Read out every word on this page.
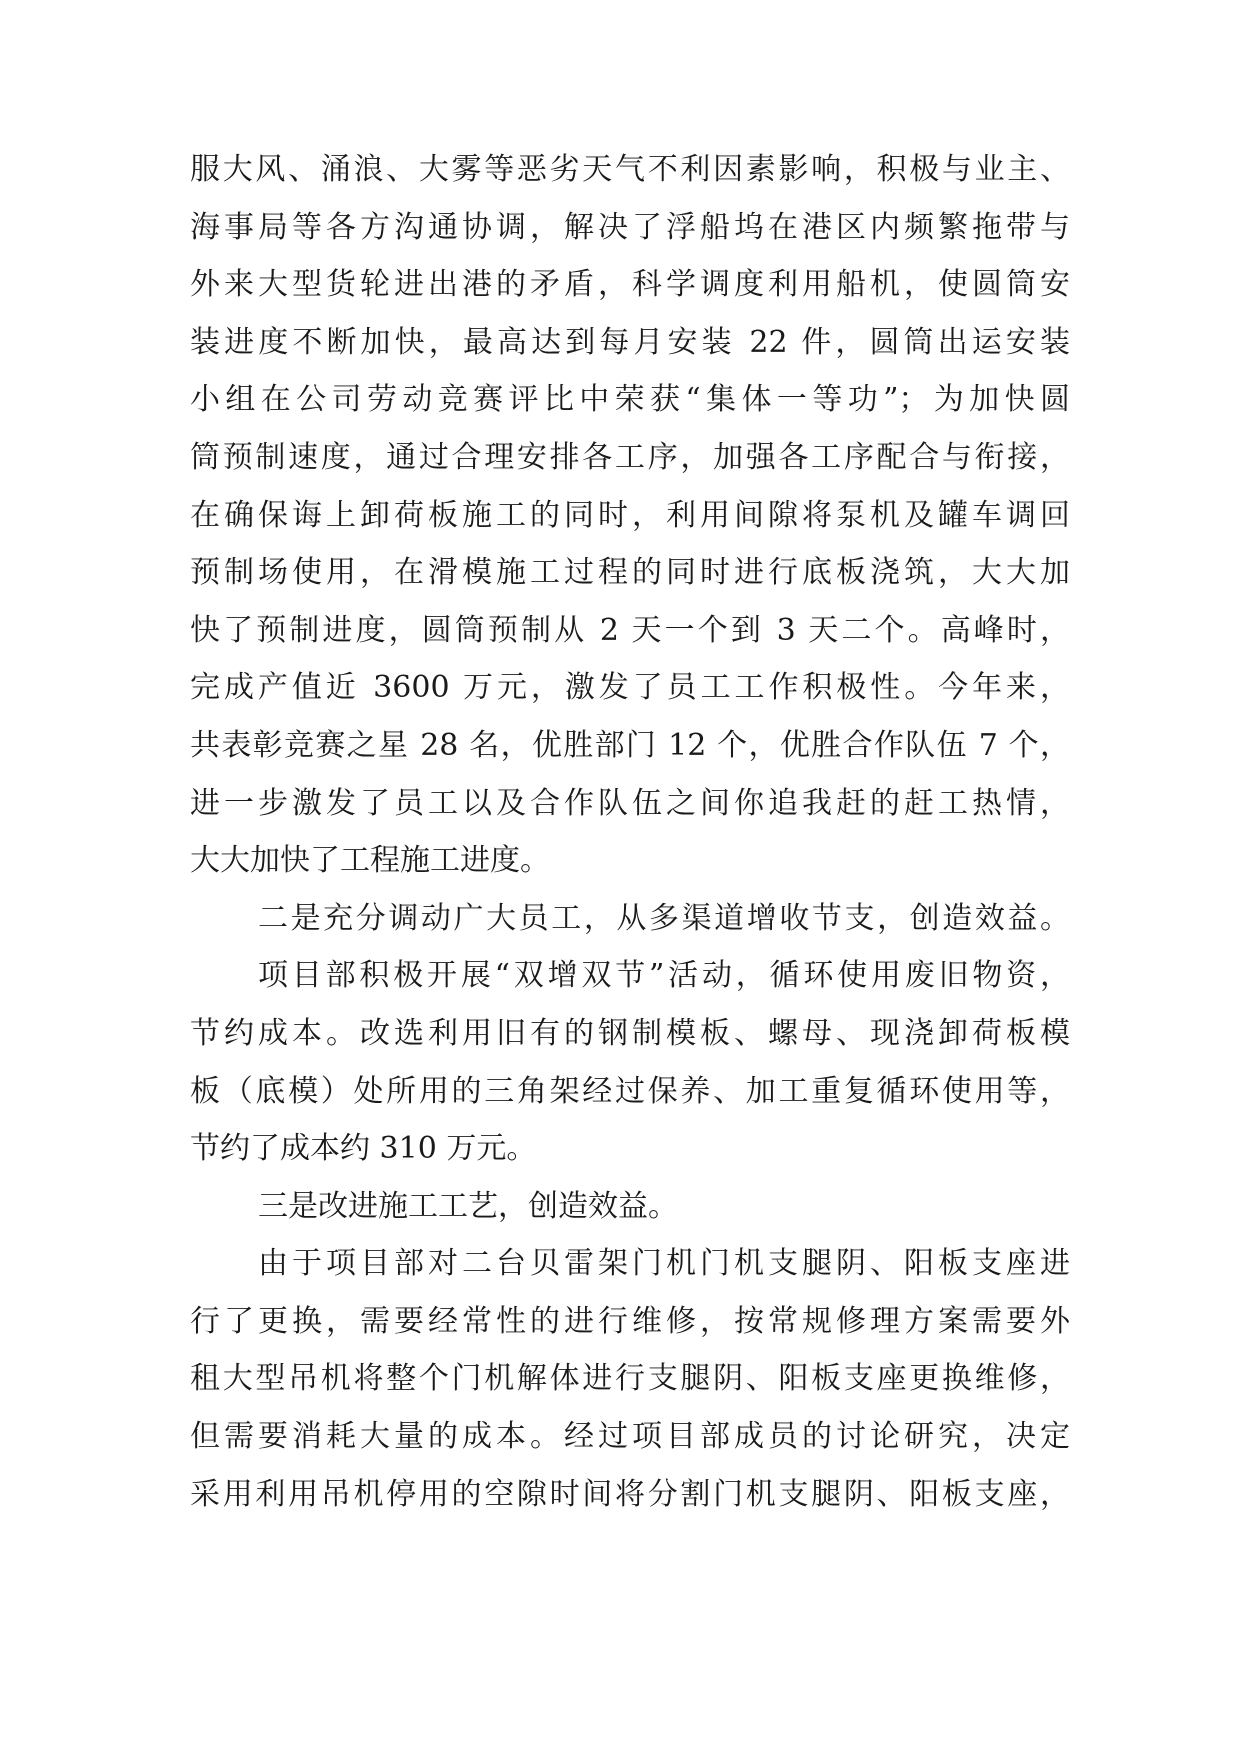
服大风、涌浪、大雾等恶劣天气不利因素影响，积极与业主、
海事局等各方沟通协调，解决了浮船坞在港区内频繁拖带与
外来大型货轮进出港的矛盾，科学调度利用船机，使圆筒安
装进度不断加快，最高达到每月安装 22 件，圆筒出运安装
小组在公司劳动竞赛评比中荣获“集体一等功”；为加快圆
筒预制速度，通过合理安排各工序，加强各工序配合与衔接，
在确保诲上卸荷板施工的同时，利用间隙将泵机及罐车调回
预制场使用，在滑模施工过程的同时进行底板浇筑，大大加
快了预制进度，圆筒预制从 2 天一个到 3 天二个。高峰时，
完成产值近 3600 万元，激发了员工工作积极性。今年来，
共表彰竞赛之星 28 名，优胜部门 12 个，优胜合作队伍 7 个，
进一步激发了员工以及合作队伍之间你追我赶的赶工热情，
大大加快了工程施工进度。
二是充分调动广大员工，从多渠道增收节支，创造效益。
项目部积极开展“双增双节”活动，循环使用废旧物资，
节约成本。改选利用旧有的钢制模板、螺母、现浇卸荷板模
板（底模）处所用的三角架经过保养、加工重复循环使用等，
节约了成本约 310 万元。
三是改进施工工艺，创造效益。
由于项目部对二台贝雷架门机门机支腿阴、阳板支座进
行了更换，需要经常性的进行维修，按常规修理方案需要外
租大型吊机将整个门机解体进行支腿阴、阳板支座更换维修，
但需要消耗大量的成本。经过项目部成员的讨论研究，决定
采用利用吊机停用的空隙时间将分割门机支腿阴、阳板支座，
